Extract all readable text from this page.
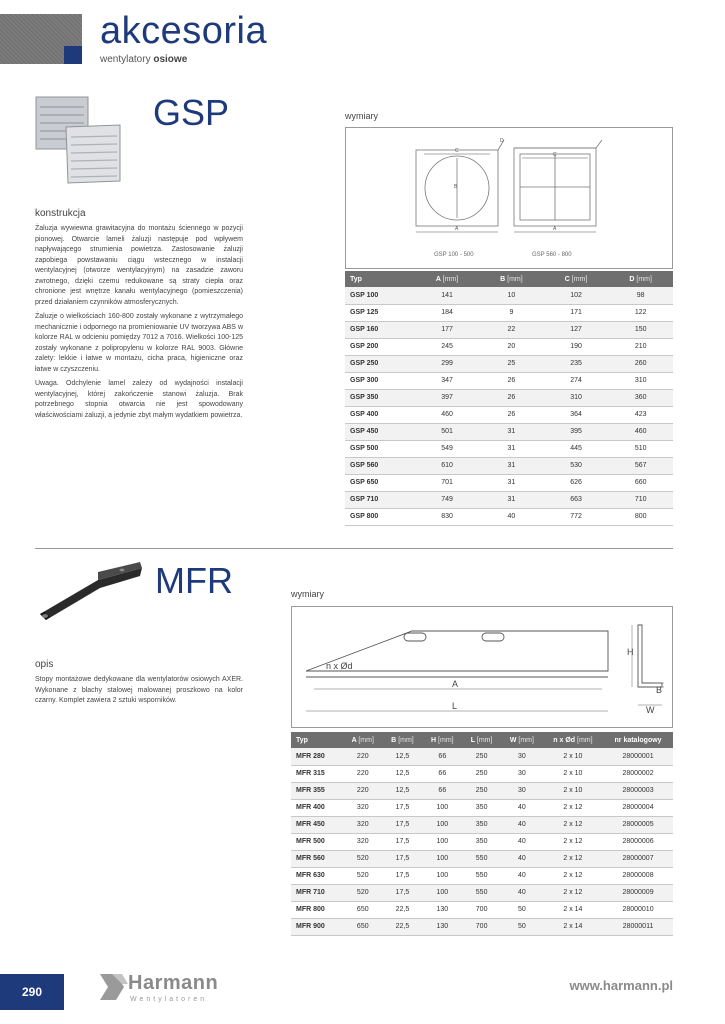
akcesoria
wentylatory osiowe
GSP
konstrukcja

Żaluzja wywiewna grawitacyjna do montażu ściennego w pozycji pionowej. Otwarcie lameli żaluzji następuje pod wpływem napływającego strumienia powietrza. Zastosowanie żaluzji zapobiega powstawaniu ciągu wstecznego w instalacji wentylacyjnej (otworze wentylacyjnym) na zasadzie zaworu zwrotnego, dzięki czemu redukowane są straty ciepła oraz chronione jest wnętrze kanału wentylacyjnego (pomieszczenia) przed działaniem czynników atmosferycznych.

Żaluzje o wielkościach 160-800 zostały wykonane z wytrzymałego mechanicznie i odpornego na promieniowanie UV tworzywa ABS w kolorze RAL w odcieniu pomiędzy 7012 a 7016. Wielkości 100-125 zostały wykonane z polipropylenu w kolorze RAL 9003. Główne zalety: lekkie i łatwe w montażu, cicha praca, higieniczne oraz łatwe w czyszczeniu.

Uwaga. Odchylenie lamel zależy od wydajności instalacji wentylacyjnej, której zakończenie stanowi żaluzja. Brak potrzebnego stopnia otwarcia nie jest spowodowany właściwościami żaluzji, a jedynie zbyt małym wydatkiem powietrza.

wymiary
C
B
A
C
A
D
GSP 100 - 500	GSP 560 - 800
Typ	A [mm]	B [mm]	C [mm]	D [mm]
GSP 100	141	10	102	98
GSP 125	184	9	171	122
GSP 160	177	22	127	150
GSP 200	245	20	190	210
GSP 250	299	25	235	260
GSP 300	347	26	274	310
GSP 350	397	26	310	360
GSP 400	460	26	364	423
GSP 450	501	31	395	460
GSP 500	549	31	445	510
GSP 560	610	31	530	567
GSP 650	701	31	626	660
GSP 710	749	31	663	710
GSP 800	830	40	772	800
MFR
opis

Stopy montażowe dedykowane dla wentylatorów osiowych AXER. Wykonane z blachy stalowej malowanej proszkowo na kolor czarny. Komplet zawiera 2 sztuki wsporników.

wymiary
n x Ød
A
L
H
B
W
Typ	A [mm]	B [mm]	H [mm]	L [mm]	W [mm]	n x Ød [mm]	nr katalogowy
MFR 280	220	12,5	66	250	30	2 x 10	28000001
MFR 315	220	12,5	66	250	30	2 x 10	28000002
MFR 355	220	12,5	66	250	30	2 x 10	28000003
MFR 400	320	17,5	100	350	40	2 x 12	28000004
MFR 450	320	17,5	100	350	40	2 x 12	28000005
MFR 500	320	17,5	100	350	40	2 x 12	28000006
MFR 560	520	17,5	100	550	40	2 x 12	28000007
MFR 630	520	17,5	100	550	40	2 x 12	28000008
MFR 710	520	17,5	100	550	40	2 x 12	28000009
MFR 800	650	22,5	130	700	50	2 x 14	28000010
MFR 900	650	22,5	130	700	50	2 x 14	28000011
290	Harmann
Wentylatoren
www.harmann.pl
